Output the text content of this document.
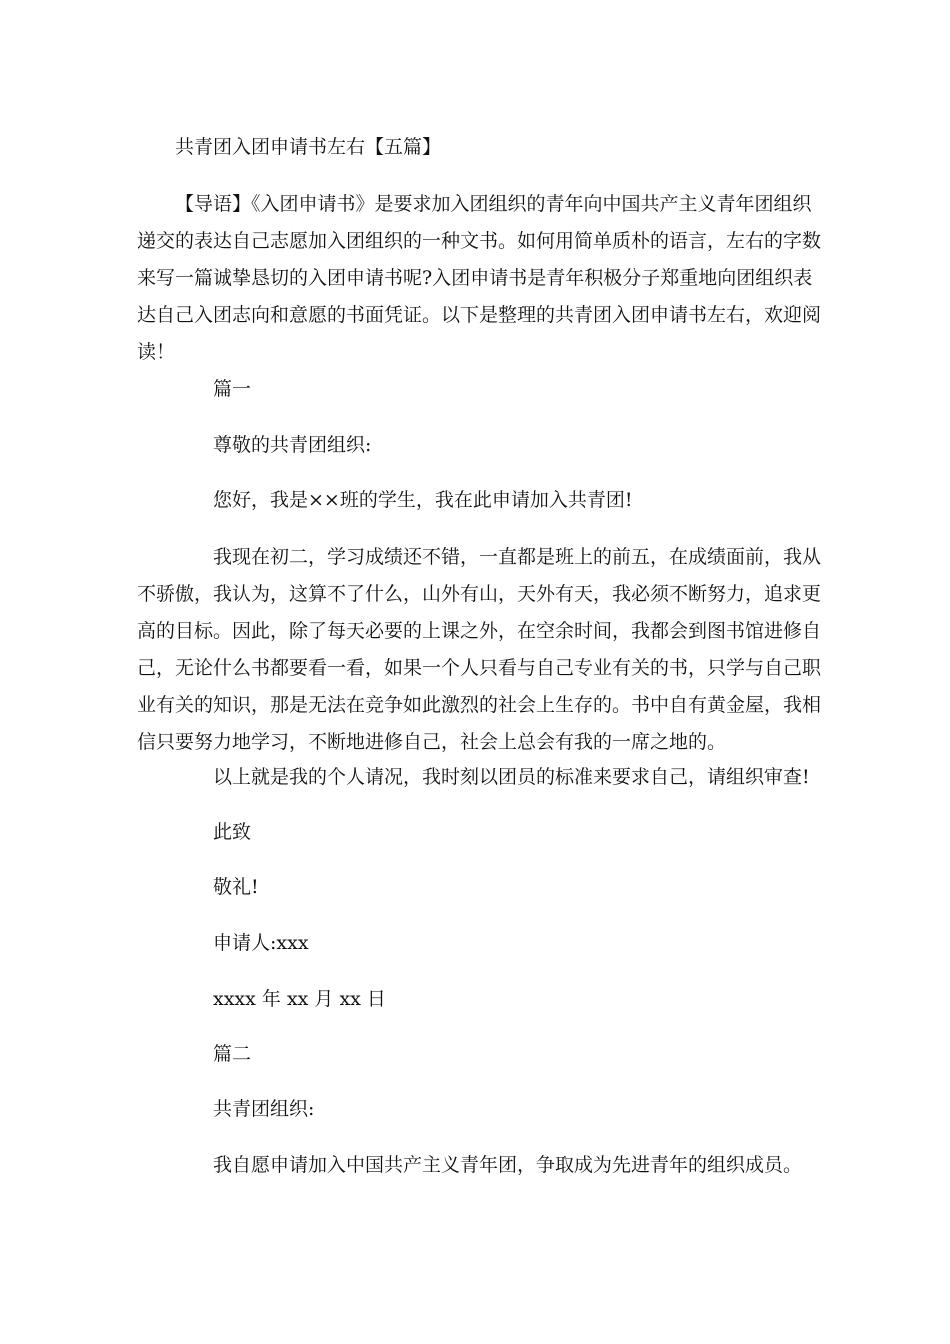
共青团入团申请书左右【五篇】

【导语】《入团申请书》是要求加入团组织的青年向中国共产主义青年团组织递交的表达自己志愿加入团组织的一种文书。如何用简单质朴的语言，左右的字数来写一篇诚挚恳切的入团申请书呢?入团申请书是青年积极分子郑重地向团组织表达自己入团志向和意愿的书面凭证。以下是整理的共青团入团申请书左右，欢迎阅读！

篇一
尊敬的共青团组织:
您好，我是××班的学生，我在此申请加入共青团!

我现在初二，学习成绩还不错，一直都是班上的前五，在成绩面前，我从不骄傲，我认为，这算不了什么，山外有山，天外有天，我必须不断努力，追求更高的目标。因此，除了每天必要的上课之外，在空余时间，我都会到图书馆进修自己，无论什么书都要看一看，如果一个人只看与自己专业有关的书，只学与自己职业有关的知识，那是无法在竞争如此激烈的社会上生存的。书中自有黄金屋，我相信只要努力地学习，不断地进修自己，社会上总会有我的一席之地的。

以上就是我的个人请况，我时刻以团员的标准来要求自己，请组织审查!
此致
敬礼!
申请人:xxx
xxxx 年 xx 月 xx 日
篇二
共青团组织:
我自愿申请加入中国共产主义青年团，争取成为先进青年的组织成员。
